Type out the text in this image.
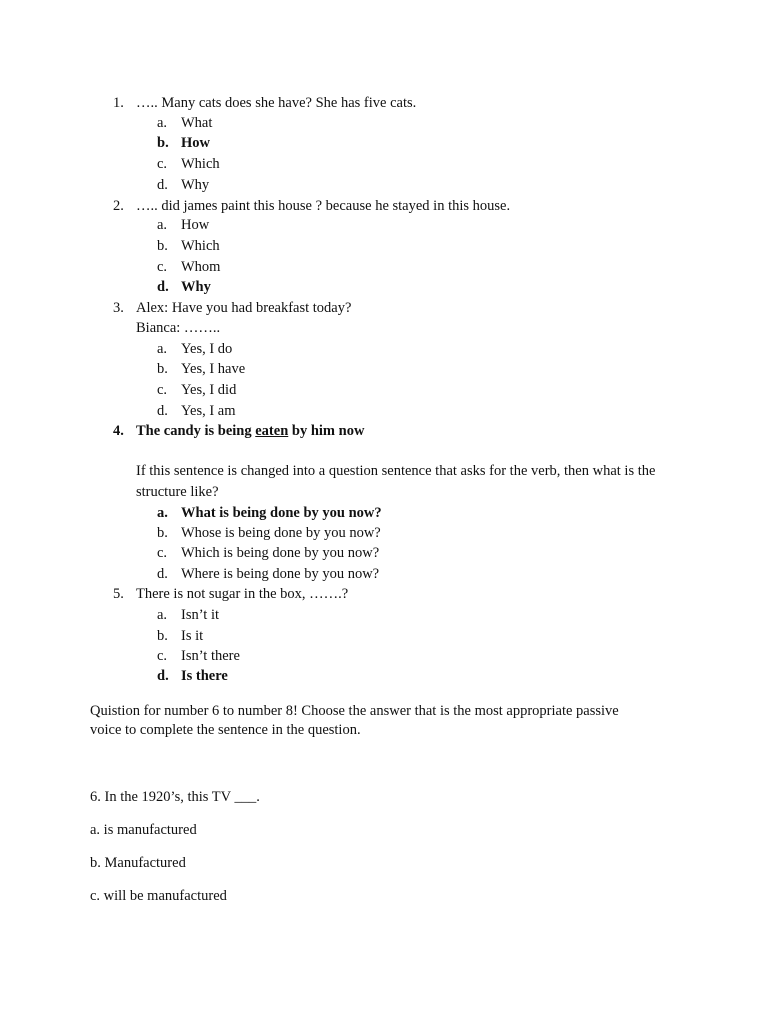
1. ….. Many cats does she have? She has five cats.
a. What
b. How
c. Which
d. Why
2. ….. did james paint this house ? because he stayed in this house.
a. How
b. Which
c. Whom
d. Why
3. Alex: Have you had breakfast today?
Bianca: ……..
a. Yes, I do
b. Yes, I have
c. Yes, I did
d. Yes, I am
4. The candy is being eaten by him now
If this sentence is changed into a question sentence that asks for the verb, then what is the
structure like?
a. What is being done by you now?
b. Whose is being done by you now?
c. Which is being done by you now?
d. Where is being done by you now?
5. There is not sugar in the box, …….?
a. Isn’t it
b. Is it
c. Isn’t there
d. Is there
Quistion for number 6 to number 8! Choose the answer that is the most appropriate passive
voice to complete the sentence in the question.
6. In the 1920’s, this TV ___.
a. is manufactured
b. Manufactured
c. will be manufactured
